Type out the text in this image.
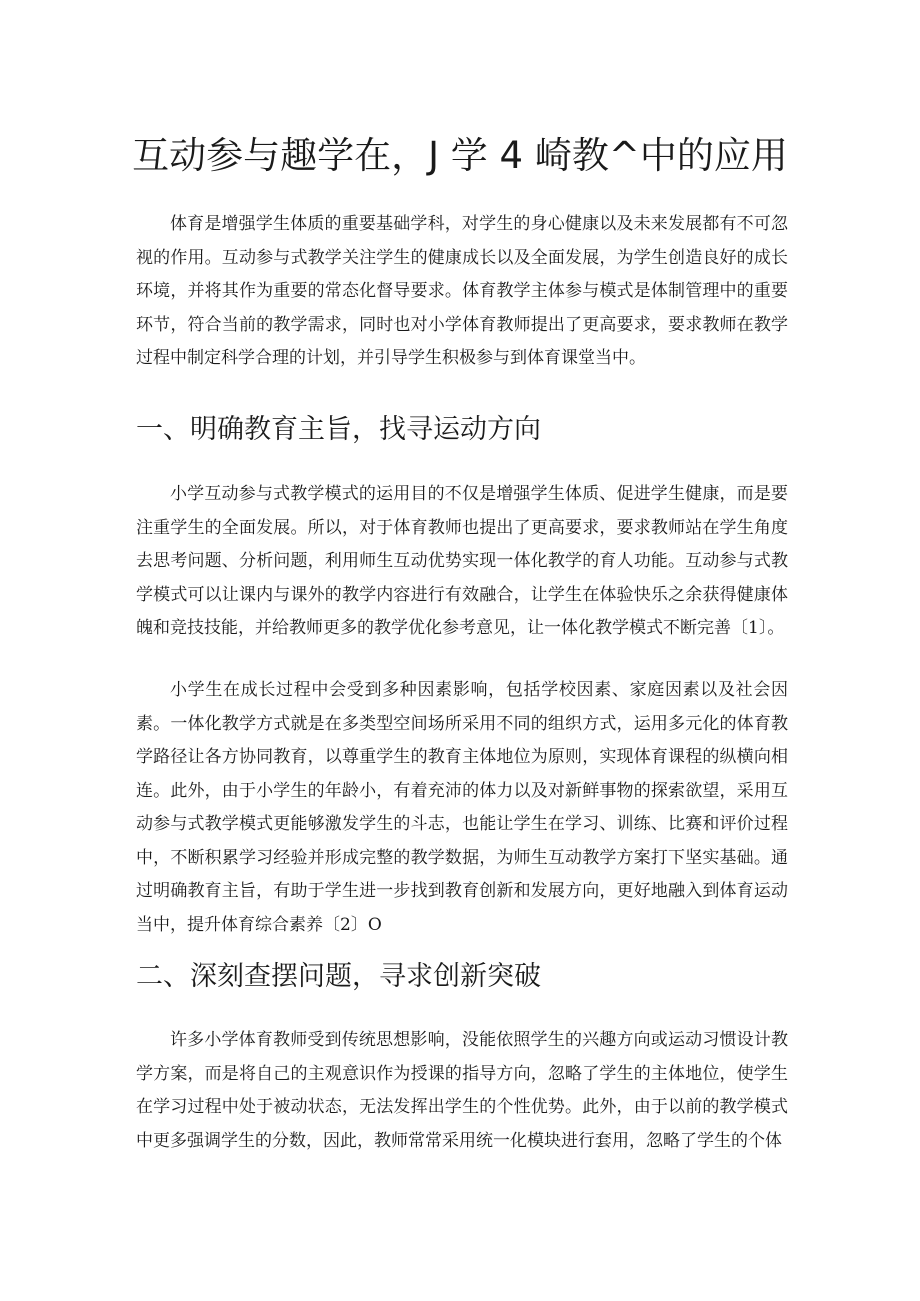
互动参与趣学在，J 学 4 崎教^中的应用

体育是增强学生体质的重要基础学科，对学生的身心健康以及未来发展都有不可忽视的作用。互动参与式教学关注学生的健康成长以及全面发展，为学生创造良好的成长环境，并将其作为重要的常态化督导要求。体育教学主体参与模式是体制管理中的重要环节，符合当前的教学需求，同时也对小学体育教师提出了更高要求，要求教师在教学过程中制定科学合理的计划，并引导学生积极参与到体育课堂当中。

一、明确教育主旨，找寻运动方向

小学互动参与式教学模式的运用目的不仅是增强学生体质、促进学生健康，而是要注重学生的全面发展。所以，对于体育教师也提出了更高要求，要求教师站在学生角度去思考问题、分析问题，利用师生互动优势实现一体化教学的育人功能。互动参与式教学模式可以让课内与课外的教学内容进行有效融合，让学生在体验快乐之余获得健康体魄和竞技技能，并给教师更多的教学优化参考意见，让一体化教学模式不断完善〔1〕。

小学生在成长过程中会受到多种因素影响，包括学校因素、家庭因素以及社会因素。一体化教学方式就是在多类型空间场所采用不同的组织方式，运用多元化的体育教学路径让各方协同教育，以尊重学生的教育主体地位为原则，实现体育课程的纵横向相连。此外，由于小学生的年龄小，有着充沛的体力以及对新鲜事物的探索欲望，采用互动参与式教学模式更能够激发学生的斗志，也能让学生在学习、训练、比赛和评价过程中，不断积累学习经验并形成完整的教学数据，为师生互动教学方案打下坚实基础。通过明确教育主旨，有助于学生进一步找到教育创新和发展方向，更好地融入到体育运动当中，提升体育综合素养〔2〕O

二、深刻查摆问题，寻求创新突破

许多小学体育教师受到传统思想影响，没能依照学生的兴趣方向或运动习惯设计教学方案，而是将自己的主观意识作为授课的指导方向，忽略了学生的主体地位，使学生在学习过程中处于被动状态，无法发挥出学生的个性优势。此外，由于以前的教学模式中更多强调学生的分数，因此，教师常常采用统一化模块进行套用，忽略了学生的个体
